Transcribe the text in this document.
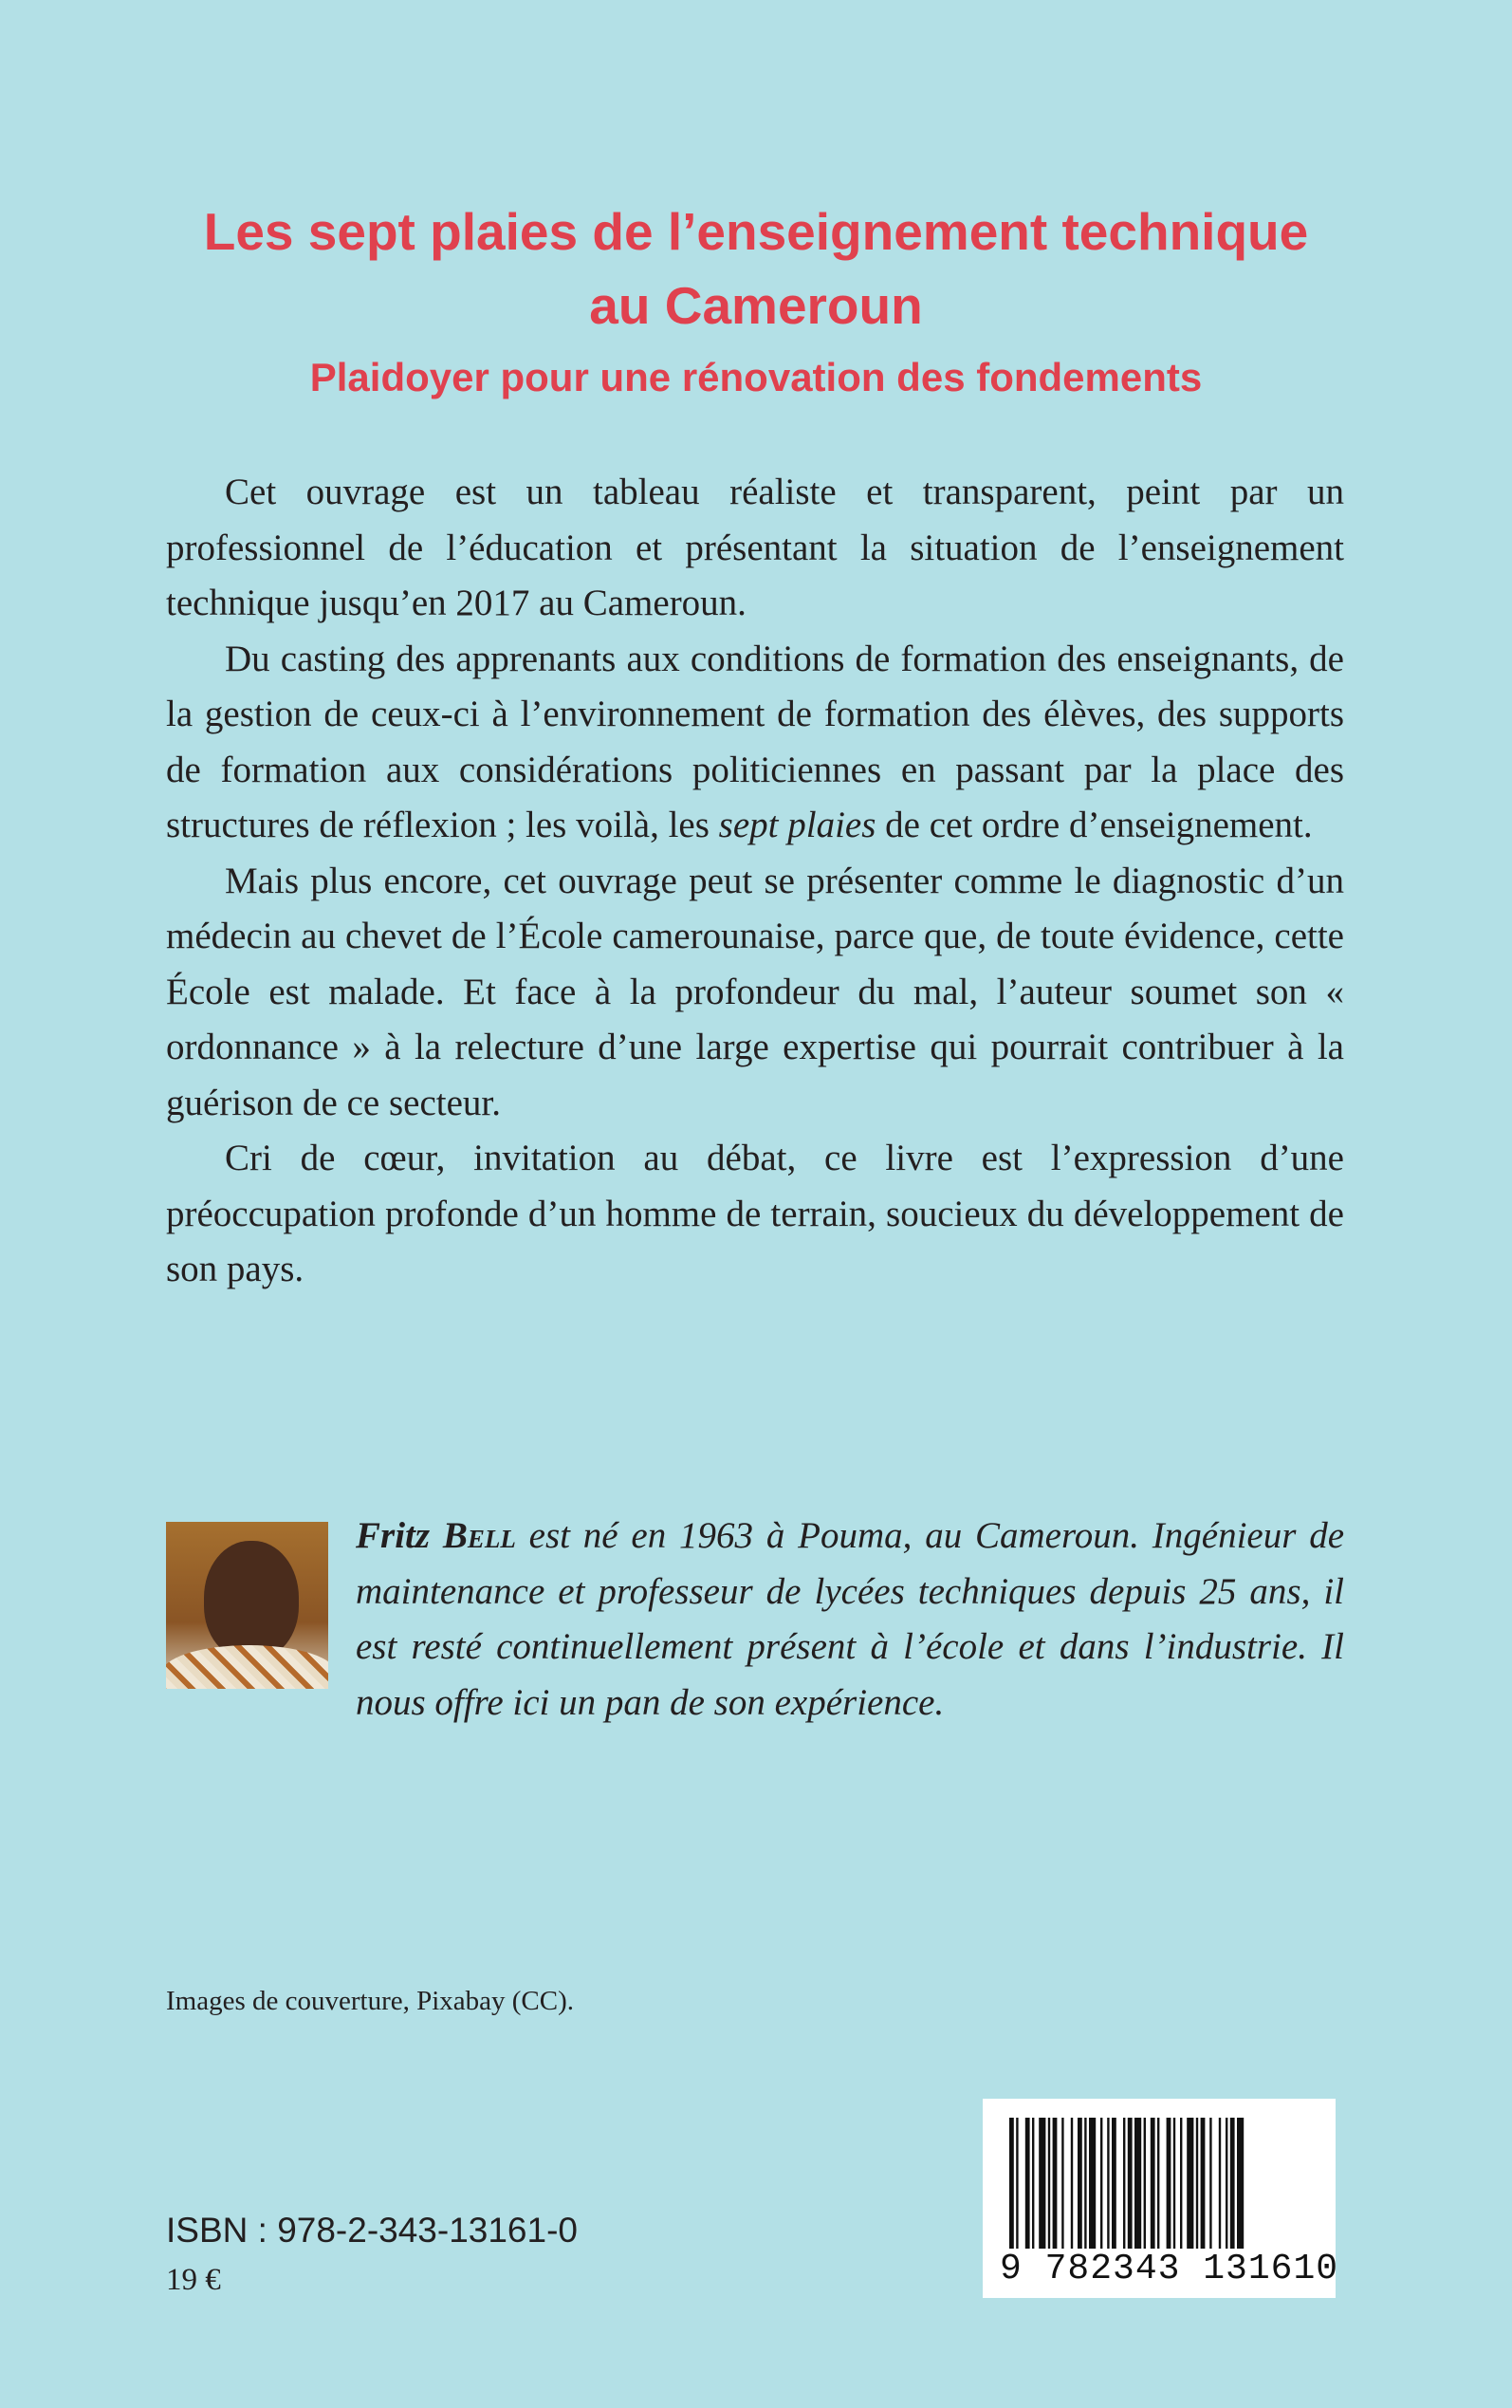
Les sept plaies de l’enseignement technique
au Cameroun
Plaidoyer pour une rénovation des fondements

Cet ouvrage est un tableau réaliste et transparent, peint par un professionnel de l’éducation et présentant la situation de l’enseignement technique jusqu’en 2017 au Cameroun.

Du casting des apprenants aux conditions de formation des enseignants, de la gestion de ceux-ci à l’environnement de formation des élèves, des supports de formation aux considérations politiciennes en passant par la place des structures de réflexion ; les voilà, les sept plaies de cet ordre d’enseignement.

Mais plus encore, cet ouvrage peut se présenter comme le diagnostic d’un médecin au chevet de l’École camerounaise, parce que, de toute évidence, cette École est malade. Et face à la profondeur du mal, l’auteur soumet son « ordonnance » à la relecture d’une large expertise qui pourrait contribuer à la guérison de ce secteur.

Cri de cœur, invitation au débat, ce livre est l’expression d’une préoccupation profonde d’un homme de terrain, soucieux du développement de son pays.

Fritz Bell est né en 1963 à Pouma, au Cameroun. Ingénieur de maintenance et professeur de lycées techniques depuis 25 ans, il est resté continuellement présent à l’école et dans l’industrie. Il nous offre ici un pan de son expérience.
Images de couverture, Pixabay (CC).
ISBN : 978-2-343-13161-0
19 €	9 782343 131610
